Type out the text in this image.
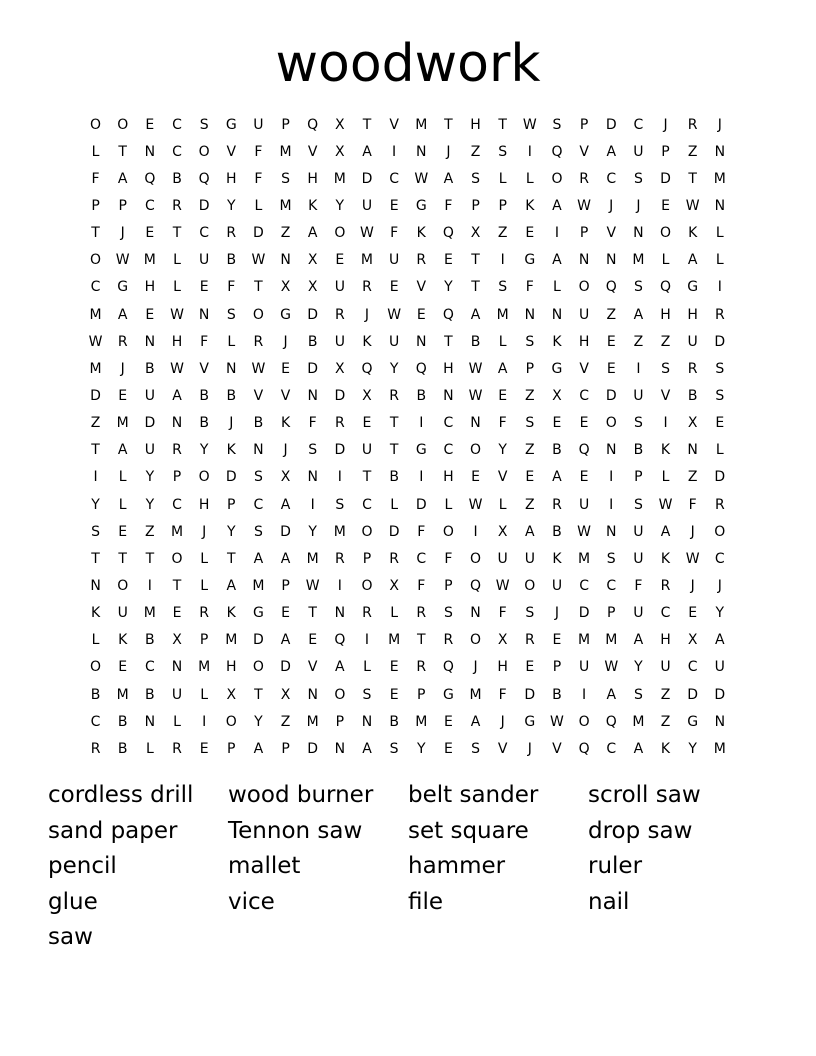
woodwork
O	O	E	C	S	G	U	P	Q	X	T	V	M	T	H	T	W	S	P	D	C	J	R	J
L	T	N	C	O	V	F	M	V	X	A	I	N	J	Z	S	I	Q	V	A	U	P	Z	N
F	A	Q	B	Q	H	F	S	H	M	D	C	W	A	S	L	L	O	R	C	S	D	T	M
P	P	C	R	D	Y	L	M	K	Y	U	E	G	F	P	P	K	A	W	J	J	E	W	N
T	J	E	T	C	R	D	Z	A	O	W	F	K	Q	X	Z	E	I	P	V	N	O	K	L
O	W	M	L	U	B	W	N	X	E	M	U	R	E	T	I	G	A	N	N	M	L	A	L
C	G	H	L	E	F	T	X	X	U	R	E	V	Y	T	S	F	L	O	Q	S	Q	G	I
M	A	E	W	N	S	O	G	D	R	J	W	E	Q	A	M	N	N	U	Z	A	H	H	R
W	R	N	H	F	L	R	J	B	U	K	U	N	T	B	L	S	K	H	E	Z	Z	U	D
M	J	B	W	V	N	W	E	D	X	Q	Y	Q	H	W	A	P	G	V	E	I	S	R	S
D	E	U	A	B	B	V	V	N	D	X	R	B	N	W	E	Z	X	C	D	U	V	B	S
Z	M	D	N	B	J	B	K	F	R	E	T	I	C	N	F	S	E	E	O	S	I	X	E
T	A	U	R	Y	K	N	J	S	D	U	T	G	C	O	Y	Z	B	Q	N	B	K	N	L
I	L	Y	P	O	D	S	X	N	I	T	B	I	H	E	V	E	A	E	I	P	L	Z	D
Y	L	Y	C	H	P	C	A	I	S	C	L	D	L	W	L	Z	R	U	I	S	W	F	R
S	E	Z	M	J	Y	S	D	Y	M	O	D	F	O	I	X	A	B	W	N	U	A	J	O
T	T	T	O	L	T	A	A	M	R	P	R	C	F	O	U	U	K	M	S	U	K	W	C
N	O	I	T	L	A	M	P	W	I	O	X	F	P	Q	W	O	U	C	C	F	R	J	J
K	U	M	E	R	K	G	E	T	N	R	L	R	S	N	F	S	J	D	P	U	C	E	Y
L	K	B	X	P	M	D	A	E	Q	I	M	T	R	O	X	R	E	M	M	A	H	X	A
O	E	C	N	M	H	O	D	V	A	L	E	R	Q	J	H	E	P	U	W	Y	U	C	U
B	M	B	U	L	X	T	X	N	O	S	E	P	G	M	F	D	B	I	A	S	Z	D	D
C	B	N	L	I	O	Y	Z	M	P	N	B	M	E	A	J	G	W	O	Q	M	Z	G	N
R	B	L	R	E	P	A	P	D	N	A	S	Y	E	S	V	J	V	Q	C	A	K	Y	M
cordless drill	wood burner	belt sander	scroll saw
sand paper	Tennon saw	set square	drop saw
pencil	mallet	hammer	ruler
glue	vice	file	nail
saw
